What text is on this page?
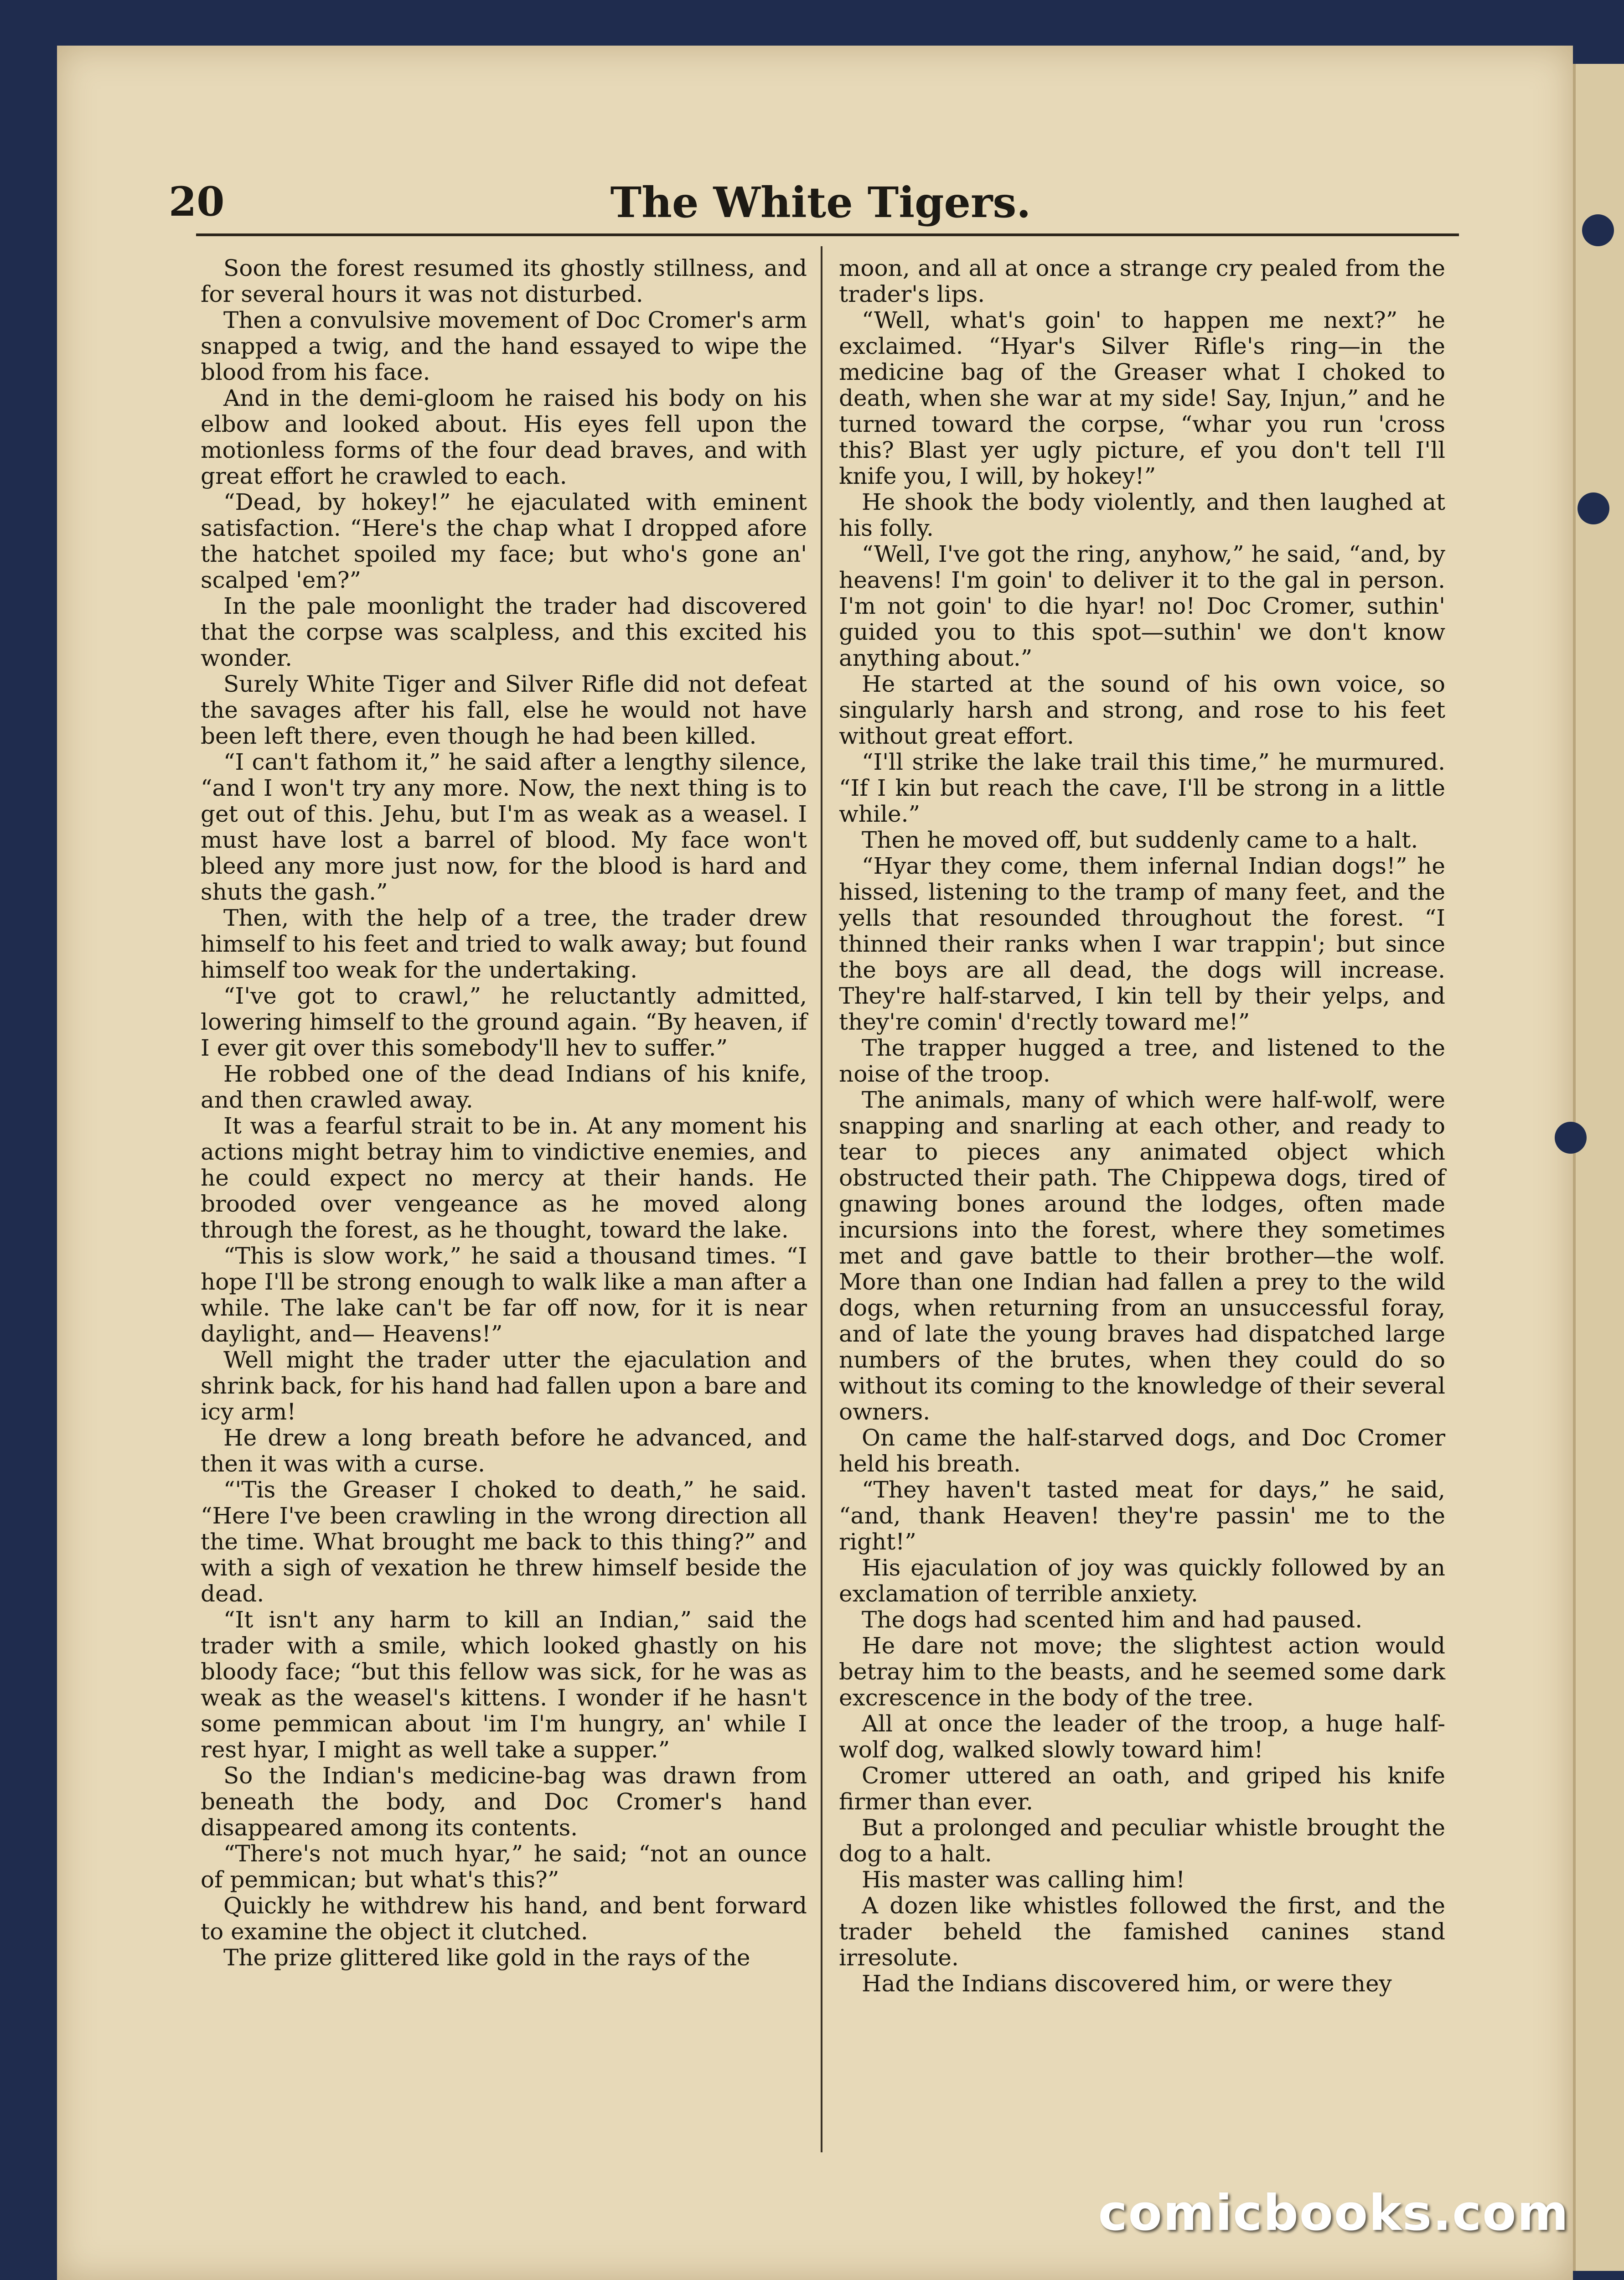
20	The White Tigers.

Soon the forest resumed its ghostly stillness, and for several hours it was not disturbed.

Then a convulsive movement of Doc Cromer's arm snapped a twig, and the hand essayed to wipe the blood from his face.

And in the demi-gloom he raised his body on his elbow and looked about. His eyes fell upon the motionless forms of the four dead braves, and with great effort he crawled to each.

“Dead, by hokey!” he ejaculated with eminent satisfaction. “Here's the chap what I dropped afore the hatchet spoiled my face; but who's gone an' scalped 'em?”

In the pale moonlight the trader had discovered that the corpse was scalpless, and this excited his wonder.

Surely White Tiger and Silver Rifle did not defeat the savages after his fall, else he would not have been left there, even though he had been killed.

“I can't fathom it,” he said after a lengthy silence, “and I won't try any more. Now, the next thing is to get out of this. Jehu, but I'm as weak as a weasel. I must have lost a barrel of blood. My face won't bleed any more just now, for the blood is hard and shuts the gash.”

Then, with the help of a tree, the trader drew himself to his feet and tried to walk away; but found himself too weak for the undertaking.

“I've got to crawl,” he reluctantly admitted, lowering himself to the ground again. “By heaven, if I ever git over this somebody'll hev to suffer.”

He robbed one of the dead Indians of his knife, and then crawled away.

It was a fearful strait to be in. At any moment his actions might betray him to vindictive enemies, and he could expect no mercy at their hands. He brooded over vengeance as he moved along through the forest, as he thought, toward the lake.

“This is slow work,” he said a thousand times. “I hope I'll be strong enough to walk like a man after a while. The lake can't be far off now, for it is near daylight, and— Heavens!”

Well might the trader utter the ejaculation and shrink back, for his hand had fallen upon a bare and icy arm!

He drew a long breath before he advanced, and then it was with a curse.

“'Tis the Greaser I choked to death,” he said. “Here I've been crawling in the wrong direction all the time. What brought me back to this thing?” and with a sigh of vexation he threw himself beside the dead.

“It isn't any harm to kill an Indian,” said the trader with a smile, which looked ghastly on his bloody face; “but this fellow was sick, for he was as weak as the weasel's kittens. I wonder if he hasn't some pemmican about 'im I'm hungry, an' while I rest hyar, I might as well take a supper.”

So the Indian's medicine-bag was drawn from beneath the body, and Doc Cromer's hand disappeared among its contents.

“There's not much hyar,” he said; “not an ounce of pemmican; but what's this?”

Quickly he withdrew his hand, and bent forward to examine the object it clutched.

The prize glittered like gold in the rays of the

moon, and all at once a strange cry pealed from the trader's lips.

“Well, what's goin' to happen me next?” he exclaimed. “Hyar's Silver Rifle's ring—in the medicine bag of the Greaser what I choked to death, when she war at my side! Say, Injun,” and he turned toward the corpse, “whar you run 'cross this? Blast yer ugly picture, ef you don't tell I'll knife you, I will, by hokey!”

He shook the body violently, and then laughed at his folly.

“Well, I've got the ring, anyhow,” he said, “and, by heavens! I'm goin' to deliver it to the gal in person. I'm not goin' to die hyar! no! Doc Cromer, suthin' guided you to this spot—suthin' we don't know anything about.”

He started at the sound of his own voice, so singularly harsh and strong, and rose to his feet without great effort.

“I'll strike the lake trail this time,” he murmured. “If I kin but reach the cave, I'll be strong in a little while.”

Then he moved off, but suddenly came to a halt.

“Hyar they come, them infernal Indian dogs!” he hissed, listening to the tramp of many feet, and the yells that resounded throughout the forest. “I thinned their ranks when I war trappin'; but since the boys are all dead, the dogs will increase. They're half-starved, I kin tell by their yelps, and they're comin' d'rectly toward me!”

The trapper hugged a tree, and listened to the noise of the troop.

The animals, many of which were half-wolf, were snapping and snarling at each other, and ready to tear to pieces any animated object which obstructed their path. The Chippewa dogs, tired of gnawing bones around the lodges, often made incursions into the forest, where they sometimes met and gave battle to their brother—the wolf. More than one Indian had fallen a prey to the wild dogs, when returning from an unsuccessful foray, and of late the young braves had dispatched large numbers of the brutes, when they could do so without its coming to the knowledge of their several owners.

On came the half-starved dogs, and Doc Cromer held his breath.

“They haven't tasted meat for days,” he said, “and, thank Heaven! they're passin' me to the right!”

His ejaculation of joy was quickly followed by an exclamation of terrible anxiety.

The dogs had scented him and had paused.

He dare not move; the slightest action would betray him to the beasts, and he seemed some dark excrescence in the body of the tree.

All at once the leader of the troop, a huge half-wolf dog, walked slowly toward him!

Cromer uttered an oath, and griped his knife firmer than ever.

But a prolonged and peculiar whistle brought the dog to a halt.

His master was calling him!

A dozen like whistles followed the first, and the trader beheld the famished canines stand irresolute.

Had the Indians discovered him, or were they

comicbooks.com
